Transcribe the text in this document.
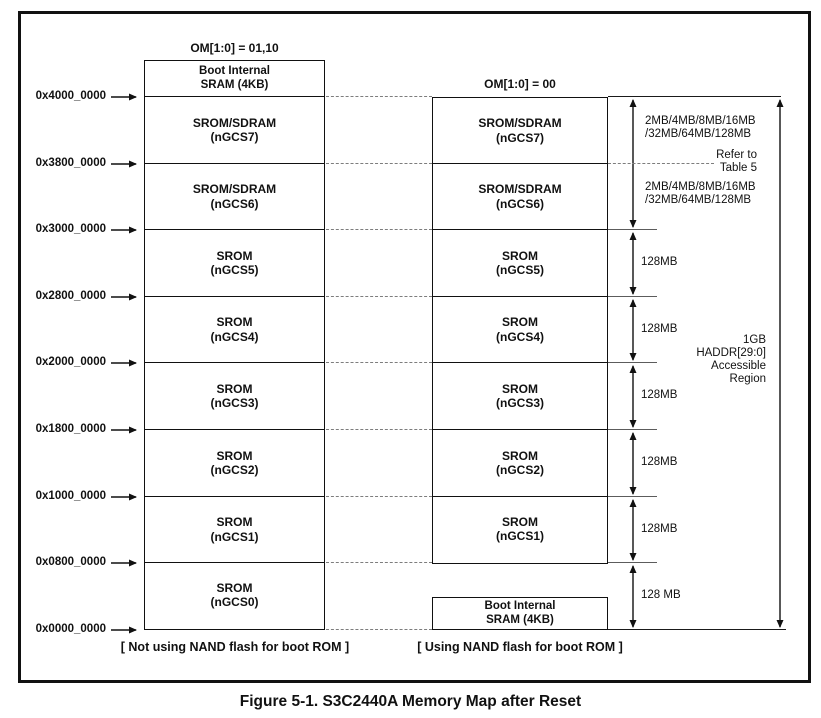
OM[1:0] = 01,10
OM[1:0] = 00
Boot Internal
SRAM (4KB)
SROM/SDRAM
(nGCS7)
SROM/SDRAM
(nGCS6)
SROM
(nGCS5)
SROM
(nGCS4)
SROM
(nGCS3)
SROM
(nGCS2)
SROM
(nGCS1)
SROM
(nGCS0)
SROM/SDRAM
(nGCS7)
SROM/SDRAM
(nGCS6)
SROM
(nGCS5)
SROM
(nGCS4)
SROM
(nGCS3)
SROM
(nGCS2)
SROM
(nGCS1)
Boot Internal
SRAM (4KB)
0x4000_0000
0x3800_0000
0x3000_0000
0x2800_0000
0x2000_0000
0x1800_0000
0x1000_0000
0x0800_0000
0x0000_0000
2MB/4MB/8MB/16MB
/32MB/64MB/128MB
Refer to
Table 5
2MB/4MB/8MB/16MB
/32MB/64MB/128MB
128MB
128MB
128MB
128MB
128MB
128 MB
1GB
HADDR[29:0]
Accessible
Region
[ Not using NAND flash for boot ROM ]	[ Using NAND flash for boot ROM ]
Figure 5-1. S3C2440A Memory Map after Reset
